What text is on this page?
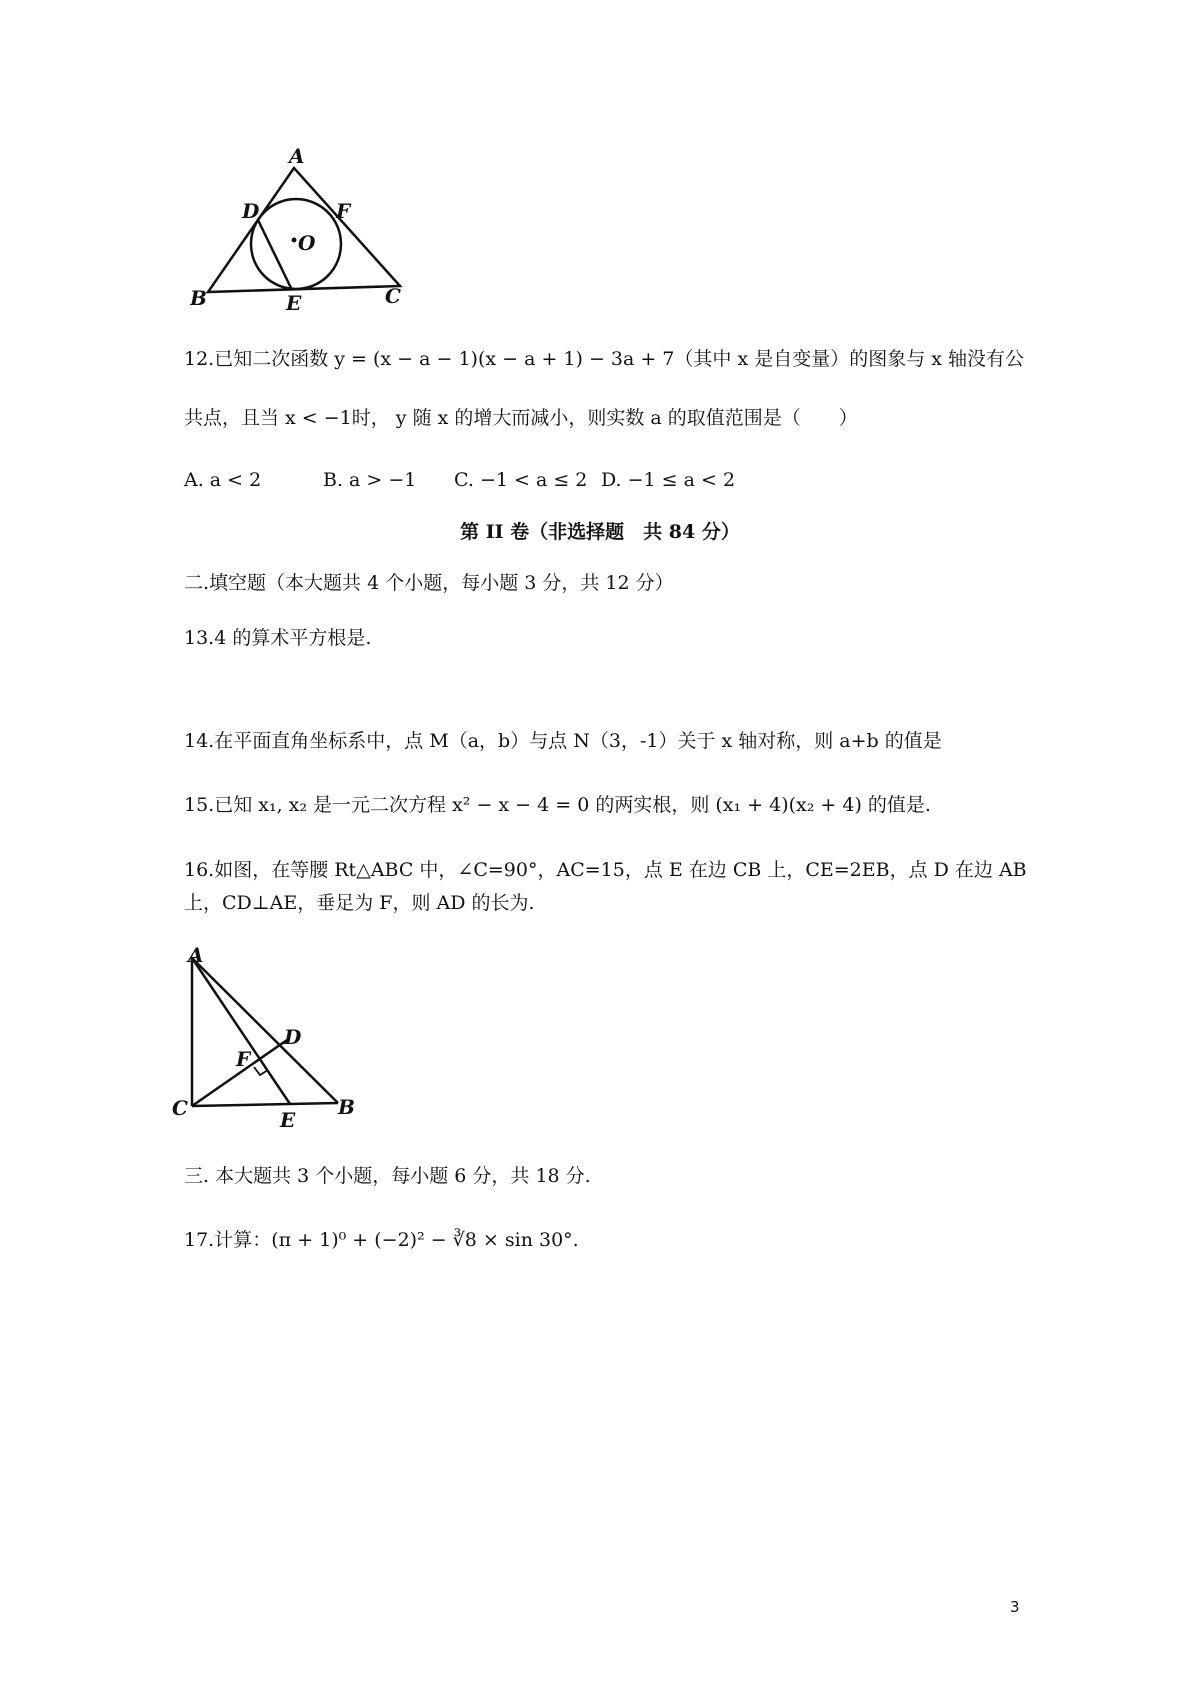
A
D	F
O
B	E	C
12.已知二次函数 y = (x − a − 1)(x − a + 1) − 3a + 7（其中 x 是自变量）的图象与 x 轴没有公
共点，且当 x < −1时， y 随 x 的增大而减小，则实数 a 的取值范围是（　　）
A. a < 2	B. a > −1 C. −1 < a ≤ 2 D. −1 ≤ a < 2
第 II 卷（非选择题　共 84 分）
二.填空题（本大题共 4 个小题，每小题 3 分，共 12 分）
13.4 的算术平方根是.
14.在平面直角坐标系中，点 M（a，b）与点 N（3，-1）关于 x 轴对称，则 a+b 的值是
15.已知 x₁, x₂ 是一元二次方程 x² − x − 4 = 0 的两实根，则 (x₁ + 4)(x₂ + 4) 的值是.
16.如图，在等腰 Rt△ABC 中，∠C=90°，AC=15，点 E 在边 CB 上，CE=2EB，点 D 在边 AB
上，CD⊥AE，垂足为 F，则 AD 的长为.
A
D
F
C	E
B
三. 本大题共 3 个小题，每小题 6 分，共 18 分.
17.计算：(π + 1)⁰ + (−2)² − ∛8 × sin 30°.
3
